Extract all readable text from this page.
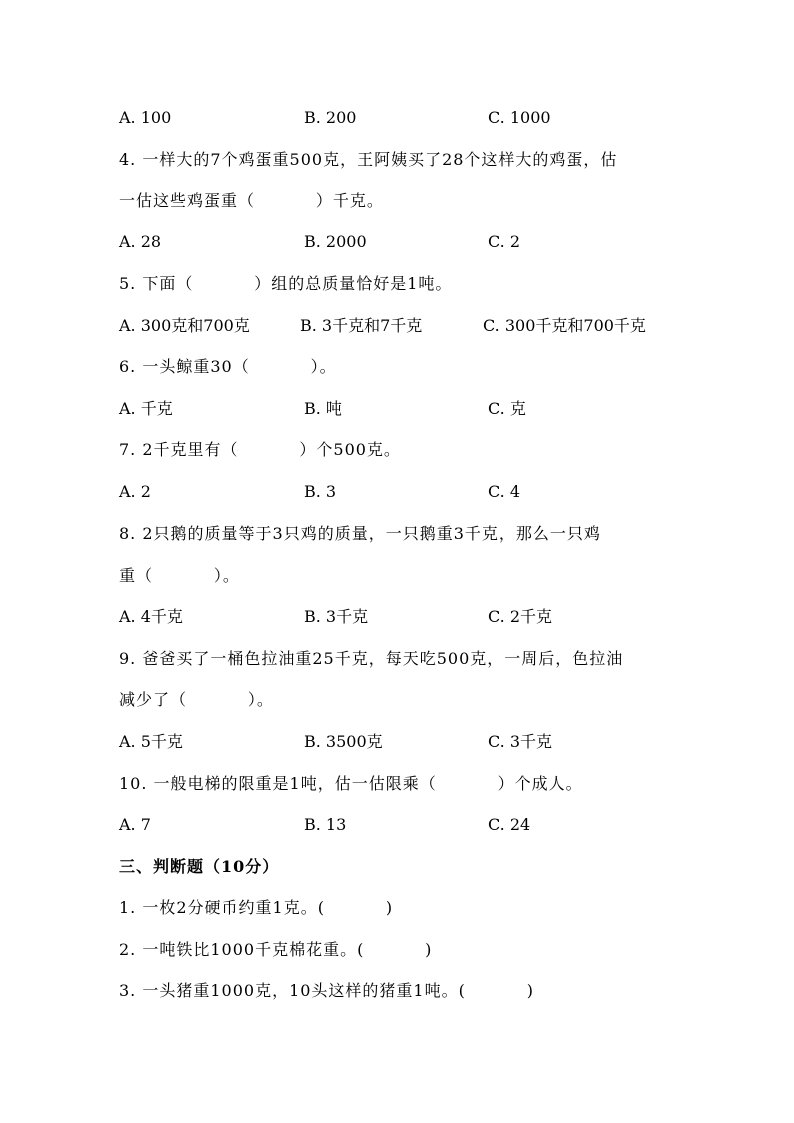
A. 100	B. 200	C. 1000
4. 一样大的7个鸡蛋重500克，王阿姨买了28个这样大的鸡蛋，估
一估这些鸡蛋重（          ）千克。
A. 28	B. 2000	C. 2
5. 下面（          ）组的总质量恰好是1吨。
A. 300克和700克	B. 3千克和7千克	C. 300千克和700千克
6. 一头鲸重30（          ）。
A. 千克	B. 吨	C. 克
7. 2千克里有（          ）个500克。
A. 2	B. 3	C. 4
8. 2只鹅的质量等于3只鸡的质量，一只鹅重3千克，那么一只鸡
重（          ）。
A. 4千克	B. 3千克	C. 2千克
9. 爸爸买了一桶色拉油重25千克，每天吃500克，一周后，色拉油
减少了（          ）。
A. 5千克	B. 3500克	C. 3千克
10. 一般电梯的限重是1吨，估一估限乘（          ）个成人。
A. 7	B. 13	C. 24
三、判断题（10分）
1. 一枚2分硬币约重1克。(          )
2. 一吨铁比1000千克棉花重。(          )
3. 一头猪重1000克，10头这样的猪重1吨。(          )
